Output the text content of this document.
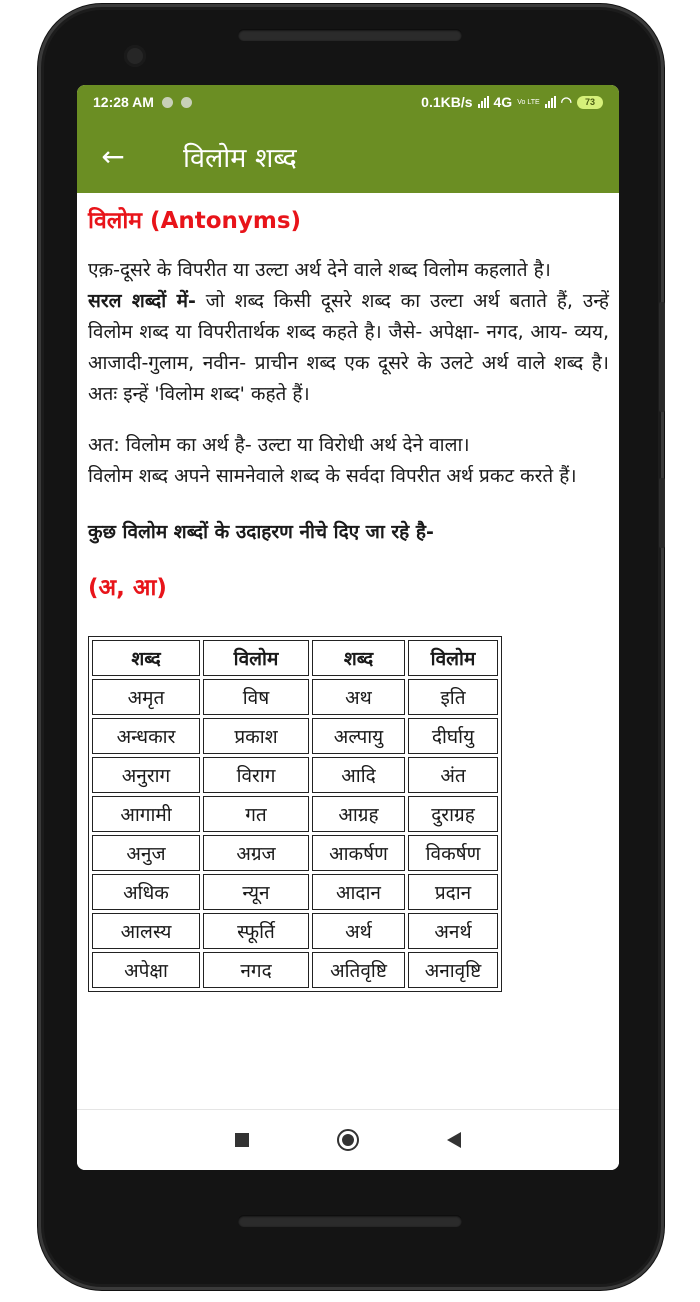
12:28 AM	0.1KB/s 4G Vo LTE ◠	73
← विलोम शब्द
विलोम (Antonyms)
एक़-दूसरे के विपरीत या उल्टा अर्थ देने वाले शब्द विलोम कहलाते है।
सरल शब्दों में- जो शब्द किसी दूसरे शब्द का उल्टा अर्थ बताते हैं, उन्हें विलोम शब्द या विपरीतार्थक शब्द कहते है। जैसे- अपेक्षा- नगद, आय- व्यय, आजादी-गुलाम, नवीन- प्राचीन शब्द एक दूसरे के उलटे अर्थ वाले शब्द है। अतः इन्हें 'विलोम शब्द' कहते हैं।
अत: विलोम का अर्थ है- उल्टा या विरोधी अर्थ देने वाला।
विलोम शब्द अपने सामनेवाले शब्द के सर्वदा विपरीत अर्थ प्रकट करते हैं।
कुछ विलोम शब्दों के उदाहरण नीचे दिए जा रहे है-
(अ, आ)
शब्द	विलोम	शब्द	विलोम
अमृत	विष	अथ	इति
अन्धकार	प्रकाश	अल्पायु	दीर्घायु
अनुराग	विराग	आदि	अंत
आगामी	गत	आग्रह	दुराग्रह
अनुज	अग्रज	आकर्षण	विकर्षण
अधिक	न्यून	आदान	प्रदान
आलस्य	स्फूर्ति	अर्थ	अनर्थ
अपेक्षा	नगद	अतिवृष्टि	अनावृष्टि
